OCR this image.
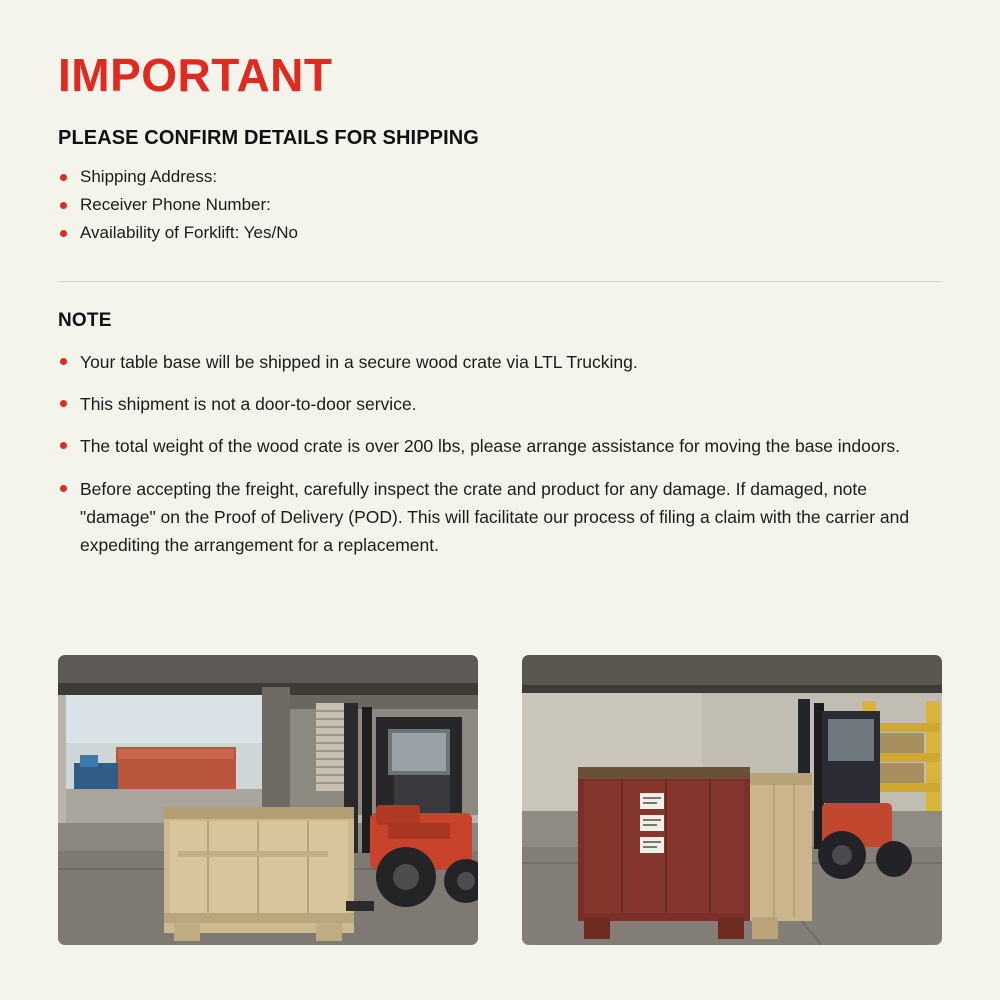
IMPORTANT
PLEASE CONFIRM DETAILS FOR SHIPPING
Shipping Address:
Receiver Phone Number:
Availability of Forklift: Yes/No
NOTE
Your table base will be shipped in a secure wood crate via LTL Trucking.
This shipment is not a door-to-door service.
The total weight of the wood crate is over 200 lbs, please arrange assistance for moving the base indoors.
Before accepting the freight, carefully inspect the crate and product for any damage. If damaged, note "damage" on the Proof of Delivery (POD). This will facilitate our process of filing a claim with the carrier and expediting the arrangement for a replacement.
